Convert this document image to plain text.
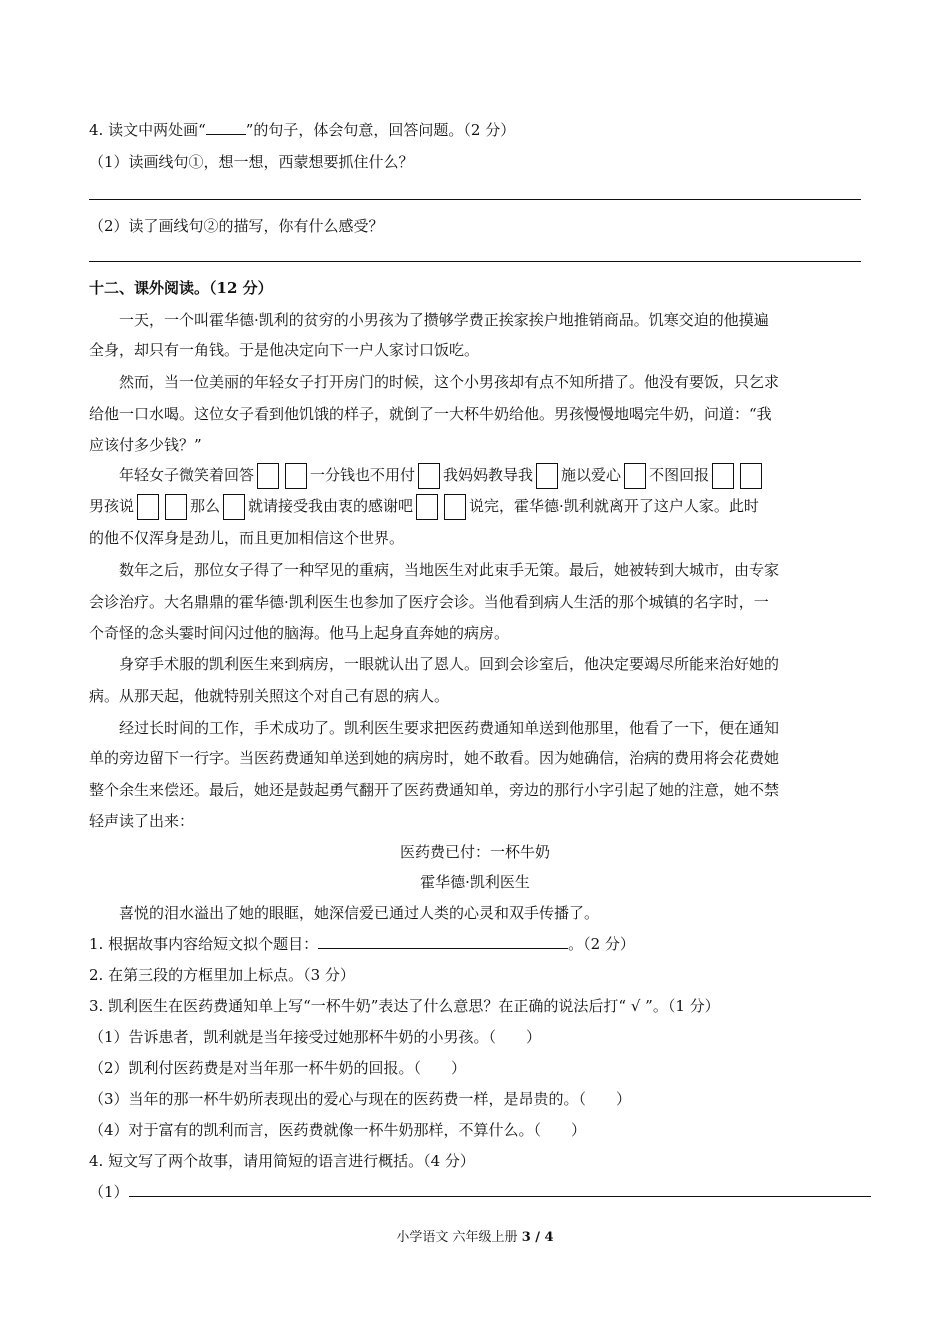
4. 读文中两处画“	”的句子，体会句意，回答问题。（2 分）
（1）读画线句①，想一想，西蒙想要抓住什么？
（2）读了画线句②的描写，你有什么感受？
十二、课外阅读。（12 分）
一天，一个叫霍华德·凯利的贫穷的小男孩为了攒够学费正挨家挨户地推销商品。饥寒交迫的他摸遍
全身，却只有一角钱。于是他决定向下一户人家讨口饭吃。
然而，当一位美丽的年轻女子打开房门的时候，这个小男孩却有点不知所措了。他没有要饭，只乞求
给他一口水喝。这位女子看到他饥饿的样子，就倒了一大杯牛奶给他。男孩慢慢地喝完牛奶，问道：“我
应该付多少钱？”
年轻女子微笑着回答	一分钱也不用付 我妈妈教导我 施以爱心 不图回报
男孩说	那么 就请接受我由衷的感谢吧	说完，霍华德·凯利就离开了这户人家。此时
的他不仅浑身是劲儿，而且更加相信这个世界。
数年之后，那位女子得了一种罕见的重病，当地医生对此束手无策。最后，她被转到大城市，由专家
会诊治疗。大名鼎鼎的霍华德·凯利医生也参加了医疗会诊。当他看到病人生活的那个城镇的名字时，一
个奇怪的念头霎时间闪过他的脑海。他马上起身直奔她的病房。
身穿手术服的凯利医生来到病房，一眼就认出了恩人。回到会诊室后，他决定要竭尽所能来治好她的
病。从那天起，他就特别关照这个对自己有恩的病人。
经过长时间的工作，手术成功了。凯利医生要求把医药费通知单送到他那里，他看了一下，便在通知
单的旁边留下一行字。当医药费通知单送到她的病房时，她不敢看。因为她确信，治病的费用将会花费她
整个余生来偿还。最后，她还是鼓起勇气翻开了医药费通知单，旁边的那行小字引起了她的注意，她不禁
轻声读了出来：
医药费已付：一杯牛奶
霍华德·凯利医生
喜悦的泪水溢出了她的眼眶，她深信爱已通过人类的心灵和双手传播了。
1. 根据故事内容给短文拟个题目：	。（2 分）
2. 在第三段的方框里加上标点。（3 分）
3. 凯利医生在医药费通知单上写“一杯牛奶”表达了什么意思？在正确的说法后打“ √ ”。（1 分）
（1）告诉患者，凯利就是当年接受过她那杯牛奶的小男孩。（　　）
（2）凯利付医药费是对当年那一杯牛奶的回报。（　　）
（3）当年的那一杯牛奶所表现出的爱心与现在的医药费一样，是昂贵的。（　　）
（4）对于富有的凯利而言，医药费就像一杯牛奶那样，不算什么。（　　）
4. 短文写了两个故事，请用简短的语言进行概括。（4 分）
（1）
小学语文 六年级上册 3 / 4
